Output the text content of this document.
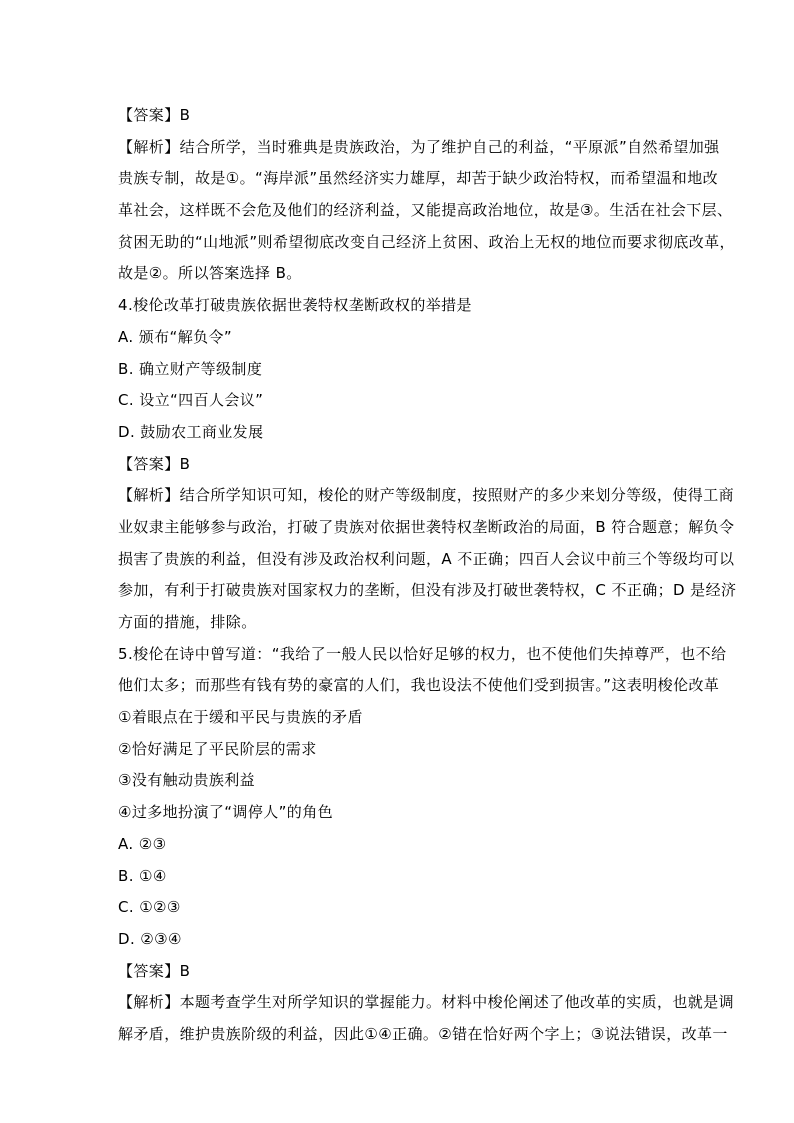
【答案】B
【解析】结合所学，当时雅典是贵族政治，为了维护自己的利益，“平原派”自然希望加强
贵族专制，故是①。“海岸派”虽然经济实力雄厚，却苦于缺少政治特权，而希望温和地改
革社会，这样既不会危及他们的经济利益，又能提高政治地位，故是③。生活在社会下层、
贫困无助的“山地派”则希望彻底改变自己经济上贫困、政治上无权的地位而要求彻底改革，
故是②。所以答案选择 B。
4.梭伦改革打破贵族依据世袭特权垄断政权的举措是
A. 颁布“解负令”
B. 确立财产等级制度
C. 设立“四百人会议”
D. 鼓励农工商业发展
【答案】B
【解析】结合所学知识可知，梭伦的财产等级制度，按照财产的多少来划分等级，使得工商
业奴隶主能够参与政治，打破了贵族对依据世袭特权垄断政治的局面，B 符合题意；解负令
损害了贵族的利益，但没有涉及政治权利问题，A 不正确；四百人会议中前三个等级均可以
参加，有利于打破贵族对国家权力的垄断，但没有涉及打破世袭特权，C 不正确；D 是经济
方面的措施，排除。
5.梭伦在诗中曾写道：“我给了一般人民以恰好足够的权力，也不使他们失掉尊严，也不给
他们太多；而那些有钱有势的豪富的人们，我也设法不使他们受到损害。”这表明梭伦改革
①着眼点在于缓和平民与贵族的矛盾
②恰好满足了平民阶层的需求
③没有触动贵族利益
④过多地扮演了“调停人”的角色
A. ②③
B. ①④
C. ①②③
D. ②③④
【答案】B
【解析】本题考查学生对所学知识的掌握能力。材料中梭伦阐述了他改革的实质，也就是调
解矛盾，维护贵族阶级的利益，因此①④正确。②错在恰好两个字上；③说法错误，改革一
